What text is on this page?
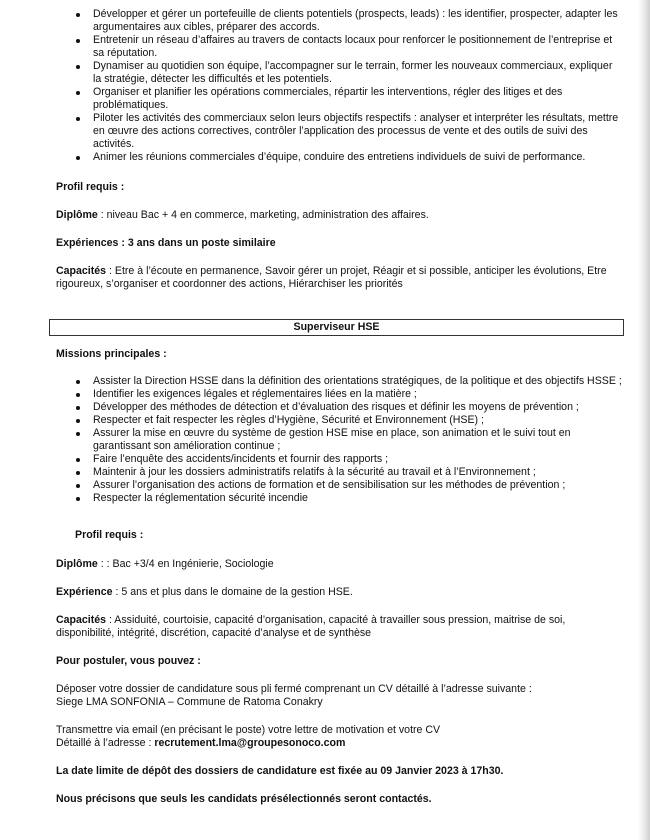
Développer et gérer un portefeuille de clients potentiels (prospects, leads) : les identifier, prospecter, adapter les argumentaires aux cibles, préparer des accords.
Entretenir un réseau d’affaires au travers de contacts locaux pour renforcer le positionnement de l’entreprise et sa réputation.
Dynamiser au quotidien son équipe, l’accompagner sur le terrain, former les nouveaux commerciaux, expliquer la stratégie, détecter les difficultés et les potentiels.
Organiser et planifier les opérations commerciales, répartir les interventions, régler des litiges et des problématiques.
Piloter les activités des commerciaux selon leurs objectifs respectifs : analyser et interpréter les résultats, mettre en œuvre des actions correctives, contrôler l’application des processus de vente et des outils de suivi des activités.
Animer les réunions commerciales d’équipe, conduire des entretiens individuels de suivi de performance.

Profil requis :

Diplôme : niveau Bac + 4 en commerce, marketing, administration des affaires.

Expériences : 3 ans dans un poste similaire

Capacités : Etre à l’écoute en permanence, Savoir gérer un projet, Réagir et si possible, anticiper les évolutions, Etre rigoureux, s’organiser et coordonner des actions, Hiérarchiser les priorités

Superviseur HSE

Missions principales :

Assister la Direction HSSE dans la définition des orientations stratégiques, de la politique et des objectifs HSSE ;
Identifier les exigences légales et réglementaires liées en la matière ;
Développer des méthodes de détection et d’évaluation des risques et définir les moyens de prévention ;
Respecter et fait respecter les règles d’Hygiène, Sécurité et Environnement (HSE) ;
Assurer la mise en œuvre du système de gestion HSE mise en place, son animation et le suivi tout en garantissant son amélioration continue ;
Faire l’enquête des accidents/incidents et fournir des rapports ;
Maintenir à jour les dossiers administratifs relatifs à la sécurité au travail et à l’Environnement ;
Assurer l’organisation des actions de formation et de sensibilisation sur les méthodes de prévention ;
Respecter la réglementation sécurité incendie

Profil requis :

Diplôme : : Bac +3/4 en Ingénierie, Sociologie

Expérience : 5 ans et plus dans le domaine de la gestion HSE.

Capacités : Assiduité, courtoisie, capacité d’organisation, capacité à travailler sous pression, maitrise de soi, disponibilité, intégrité, discrétion, capacité d’analyse et de synthèse

Pour postuler, vous pouvez :

Déposer votre dossier de candidature sous pli fermé comprenant un CV détaillé à l’adresse suivante :

Siege LMA SONFONIA – Commune de Ratoma Conakry

Transmettre via email (en précisant le poste) votre lettre de motivation et votre CV

Détaillé à l’adresse : recrutement.lma@groupesonoco.com

La date limite de dépôt des dossiers de candidature est fixée au 09 Janvier 2023 à 17h30.

Nous précisons que seuls les candidats présélectionnés seront contactés.
